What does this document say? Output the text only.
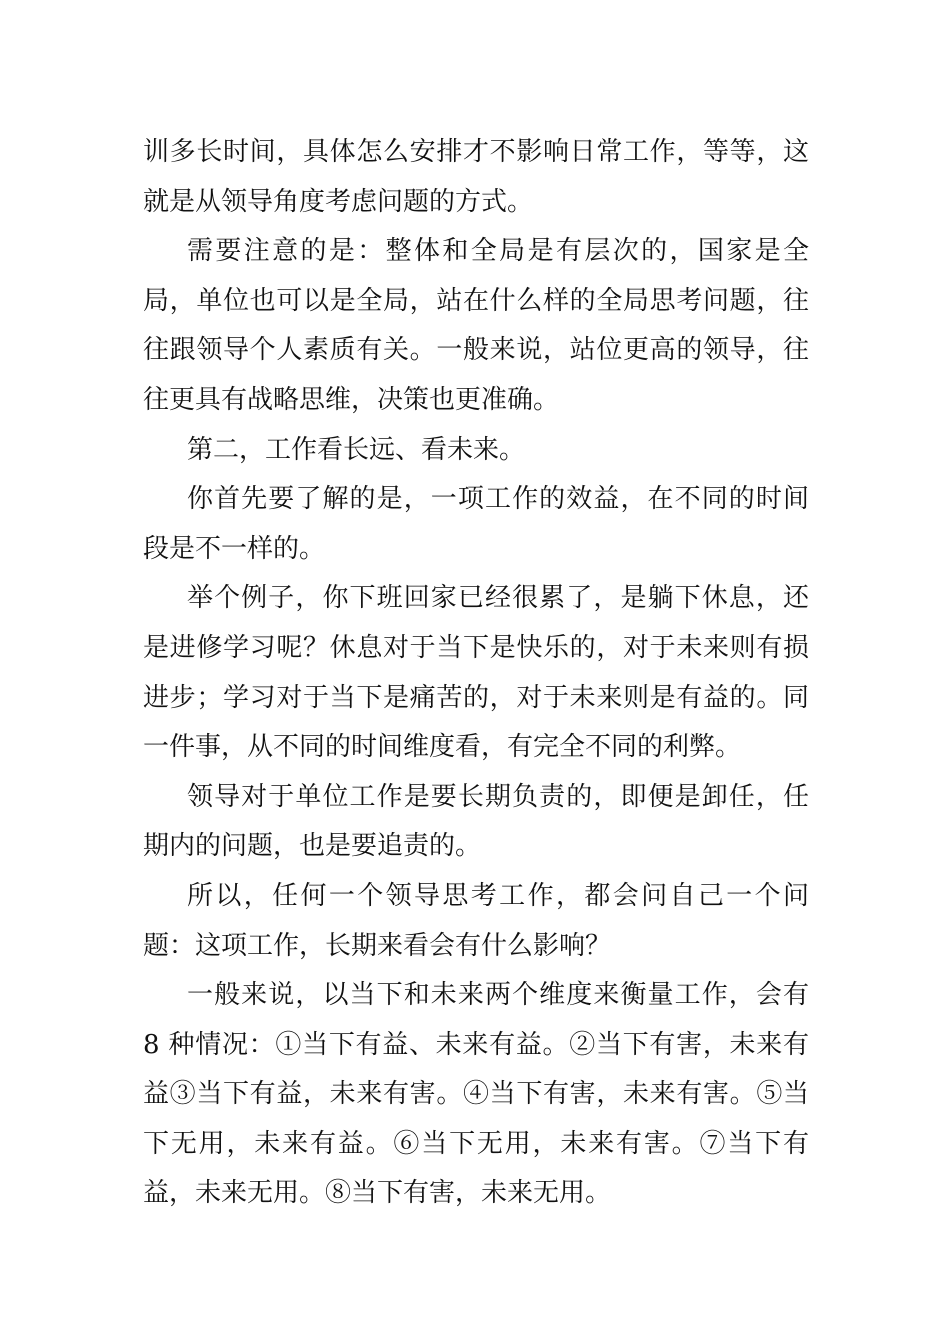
训多长时间，具体怎么安排才不影响日常工作，等等，这就是从领导角度考虑问题的方式。

需要注意的是：整体和全局是有层次的，国家是全局，单位也可以是全局，站在什么样的全局思考问题，往往跟领导个人素质有关。一般来说，站位更高的领导，往往更具有战略思维，决策也更准确。

第二，工作看长远、看未来。

你首先要了解的是，一项工作的效益，在不同的时间段是不一样的。

举个例子，你下班回家已经很累了，是躺下休息，还是进修学习呢？休息对于当下是快乐的，对于未来则有损进步；学习对于当下是痛苦的，对于未来则是有益的。同一件事，从不同的时间维度看，有完全不同的利弊。

领导对于单位工作是要长期负责的，即便是卸任，任期内的问题，也是要追责的。

所以，任何一个领导思考工作，都会问自己一个问题：这项工作，长期来看会有什么影响？

一般来说，以当下和未来两个维度来衡量工作，会有 8 种情况：①当下有益、未来有益。②当下有害，未来有益③当下有益，未来有害。④当下有害，未来有害。⑤当下无用，未来有益。⑥当下无用，未来有害。⑦当下有益，未来无用。⑧当下有害，未来无用。
